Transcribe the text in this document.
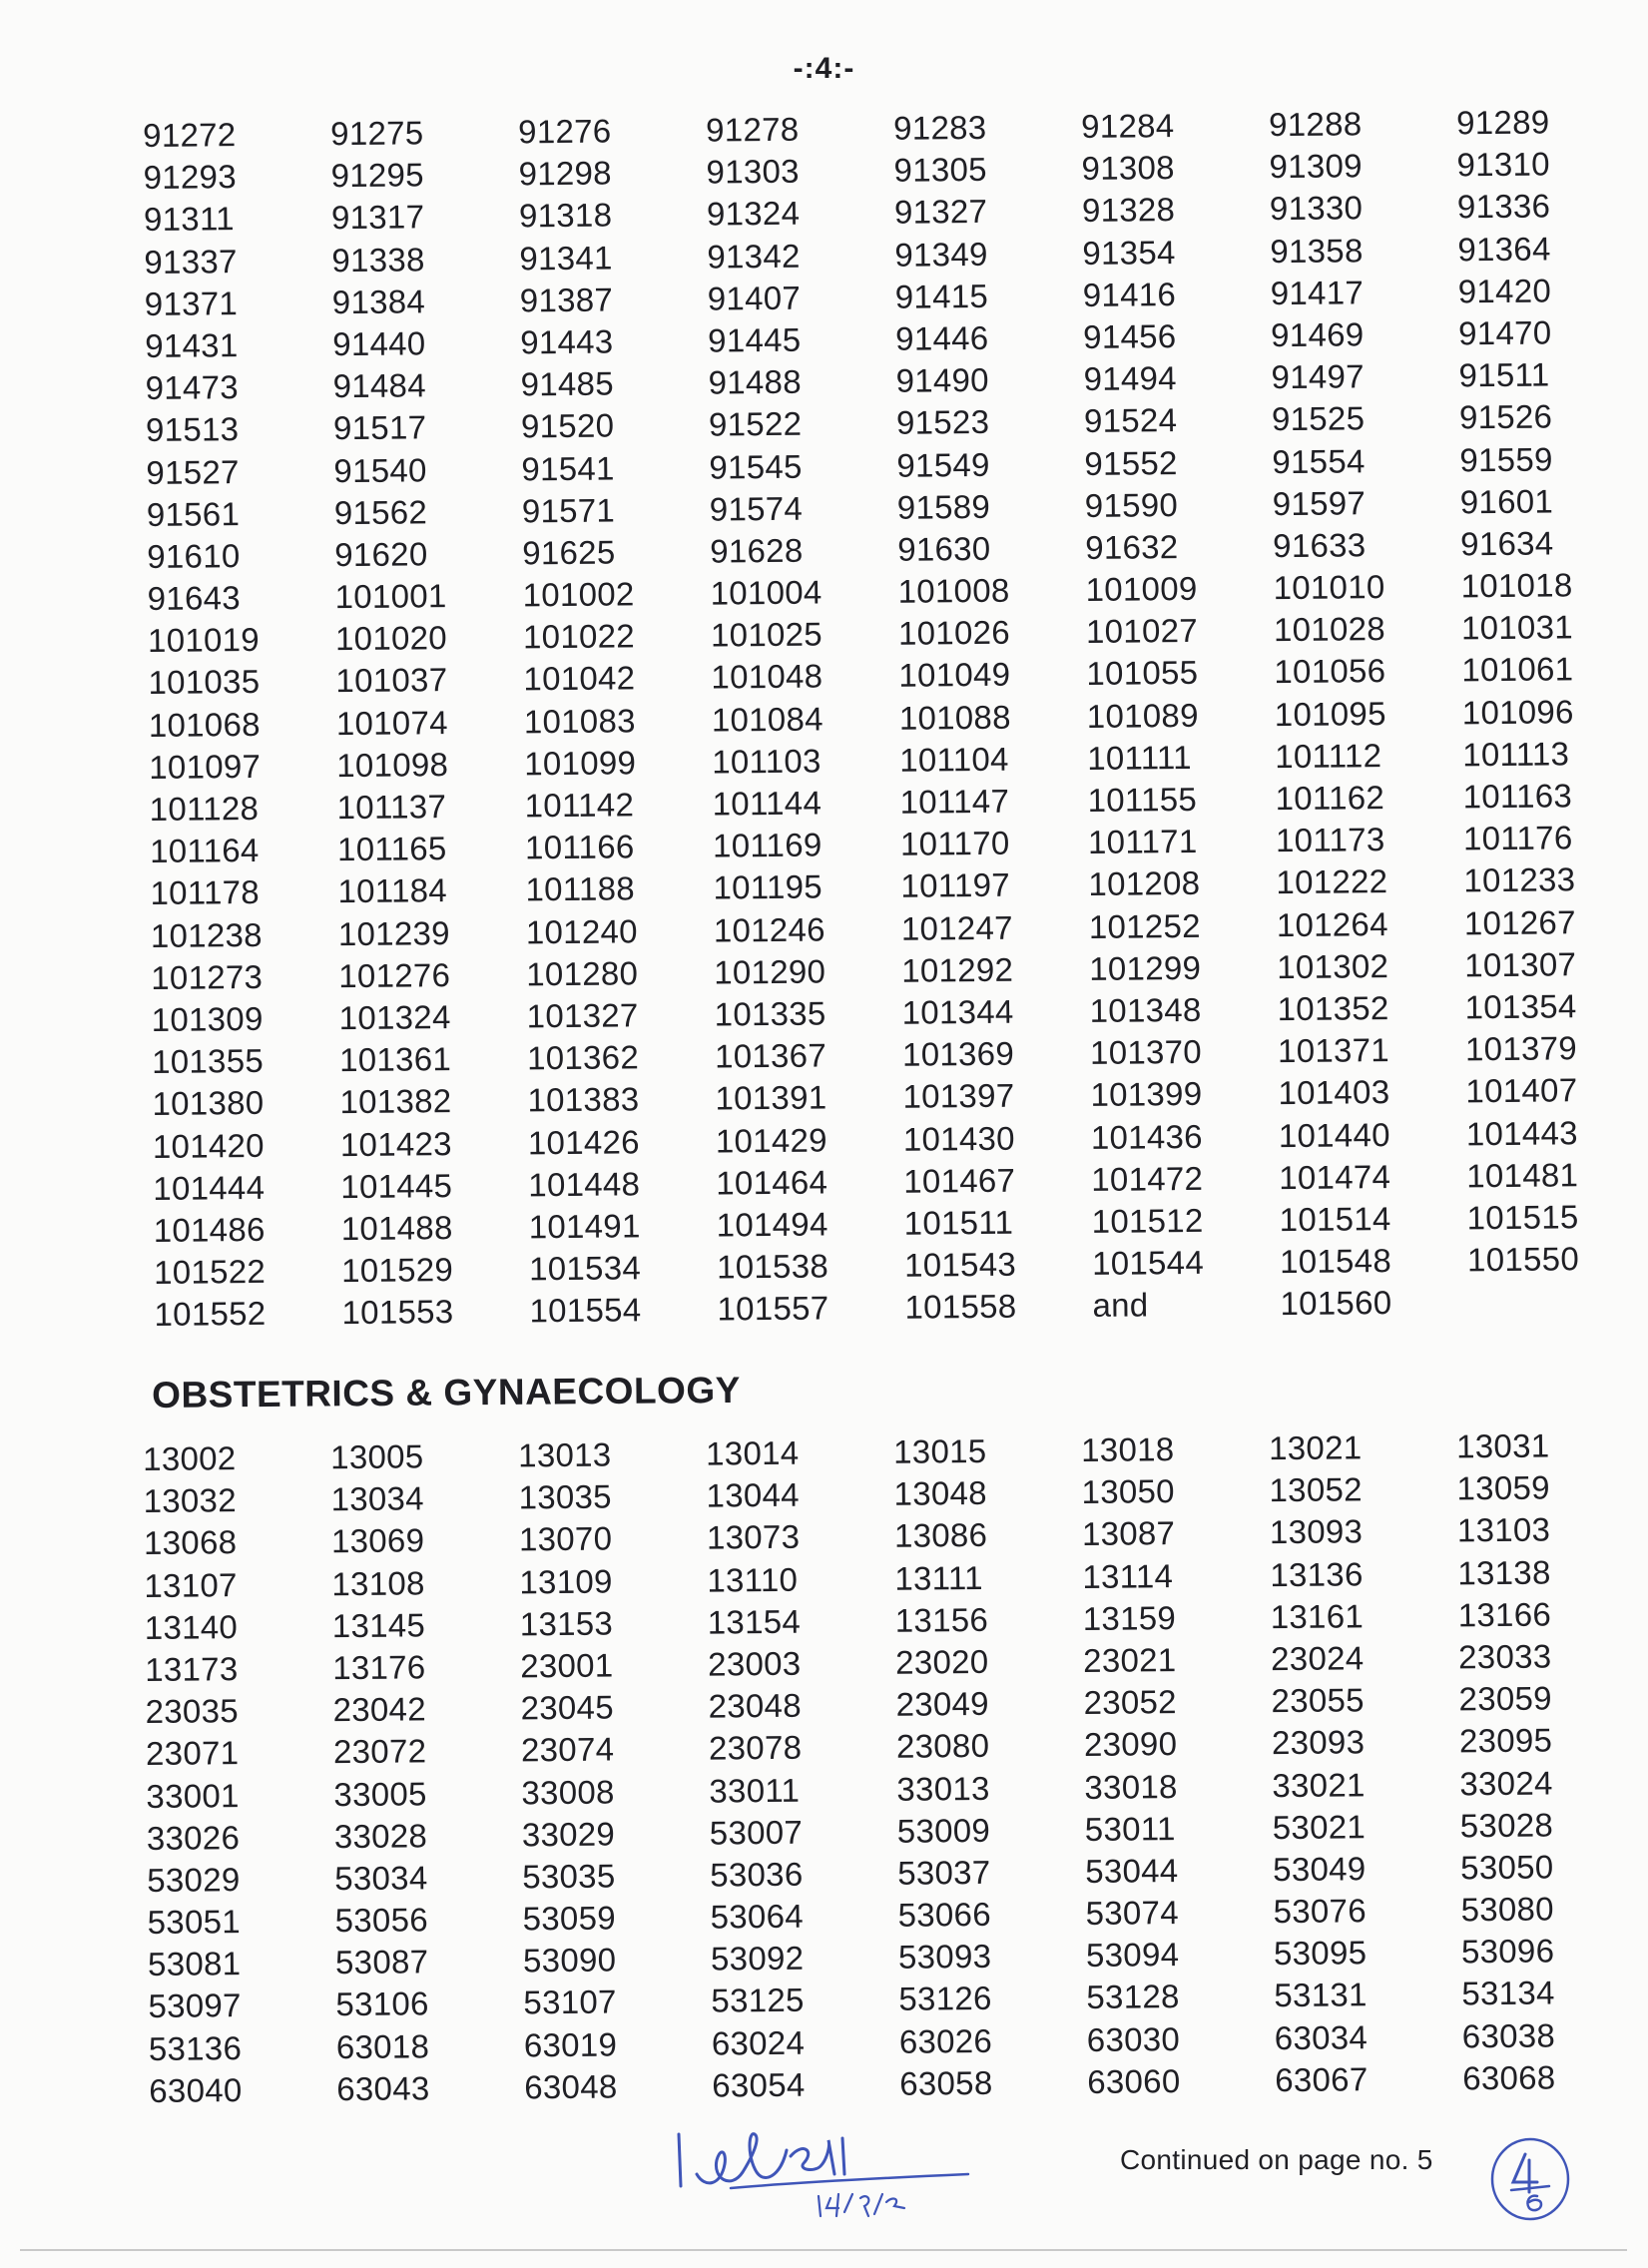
-:4:-
91272	91275	91276	91278	91283	91284	91288	91289
91293	91295	91298	91303	91305	91308	91309	91310
91311	91317	91318	91324	91327	91328	91330	91336
91337	91338	91341	91342	91349	91354	91358	91364
91371	91384	91387	91407	91415	91416	91417	91420
91431	91440	91443	91445	91446	91456	91469	91470
91473	91484	91485	91488	91490	91494	91497	91511
91513	91517	91520	91522	91523	91524	91525	91526
91527	91540	91541	91545	91549	91552	91554	91559
91561	91562	91571	91574	91589	91590	91597	91601
91610	91620	91625	91628	91630	91632	91633	91634
91643	101001	101002	101004	101008	101009	101010	101018
101019	101020	101022	101025	101026	101027	101028	101031
101035	101037	101042	101048	101049	101055	101056	101061
101068	101074	101083	101084	101088	101089	101095	101096
101097	101098	101099	101103	101104	101111	101112	101113
101128	101137	101142	101144	101147	101155	101162	101163
101164	101165	101166	101169	101170	101171	101173	101176
101178	101184	101188	101195	101197	101208	101222	101233
101238	101239	101240	101246	101247	101252	101264	101267
101273	101276	101280	101290	101292	101299	101302	101307
101309	101324	101327	101335	101344	101348	101352	101354
101355	101361	101362	101367	101369	101370	101371	101379
101380	101382	101383	101391	101397	101399	101403	101407
101420	101423	101426	101429	101430	101436	101440	101443
101444	101445	101448	101464	101467	101472	101474	101481
101486	101488	101491	101494	101511	101512	101514	101515
101522	101529	101534	101538	101543	101544	101548	101550
101552	101553	101554	101557	101558	and	101560
OBSTETRICS & GYNAECOLOGY
13002	13005	13013	13014	13015	13018	13021	13031
13032	13034	13035	13044	13048	13050	13052	13059
13068	13069	13070	13073	13086	13087	13093	13103
13107	13108	13109	13110	13111	13114	13136	13138
13140	13145	13153	13154	13156	13159	13161	13166
13173	13176	23001	23003	23020	23021	23024	23033
23035	23042	23045	23048	23049	23052	23055	23059
23071	23072	23074	23078	23080	23090	23093	23095
33001	33005	33008	33011	33013	33018	33021	33024
33026	33028	33029	53007	53009	53011	53021	53028
53029	53034	53035	53036	53037	53044	53049	53050
53051	53056	53059	53064	53066	53074	53076	53080
53081	53087	53090	53092	53093	53094	53095	53096
53097	53106	53107	53125	53126	53128	53131	53134
53136	63018	63019	63024	63026	63030	63034	63038
63040	63043	63048	63054	63058	63060	63067	63068
Continued on page no. 5
